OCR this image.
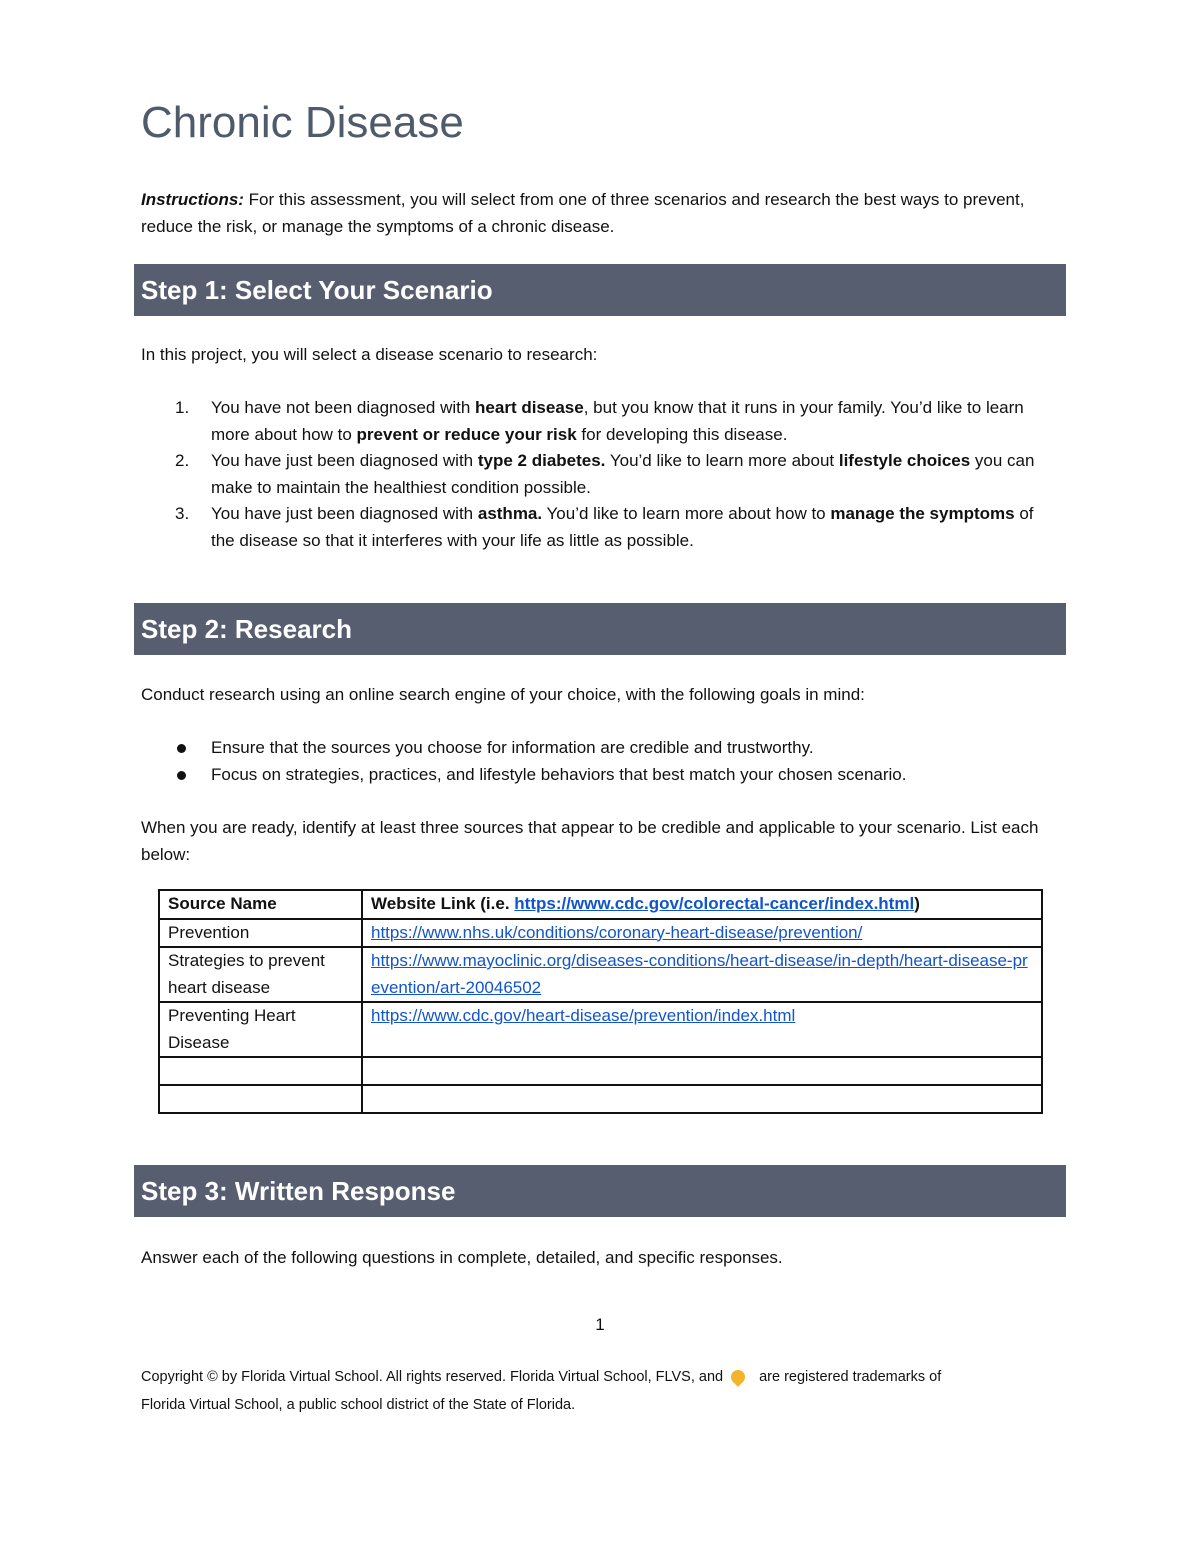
Chronic Disease
Instructions: For this assessment, you will select from one of three scenarios and research the best ways to prevent, reduce the risk, or manage the symptoms of a chronic disease.
Step 1: Select Your Scenario
In this project, you will select a disease scenario to research:
1. You have not been diagnosed with heart disease, but you know that it runs in your family. You’d like to learn more about how to prevent or reduce your risk for developing this disease.
2. You have just been diagnosed with type 2 diabetes. You’d like to learn more about lifestyle choices you can make to maintain the healthiest condition possible.
3. You have just been diagnosed with asthma. You’d like to learn more about how to manage the symptoms of the disease so that it interferes with your life as little as possible.
Step 2: Research
Conduct research using an online search engine of your choice, with the following goals in mind:
Ensure that the sources you choose for information are credible and trustworthy.
Focus on strategies, practices, and lifestyle behaviors that best match your chosen scenario.
When you are ready, identify at least three sources that appear to be credible and applicable to your scenario. List each below:
Source Name	Website Link (i.e. https://www.cdc.gov/colorectal-cancer/index.html)
Prevention	https://www.nhs.uk/conditions/coronary-heart-disease/prevention/
Strategies to prevent heart disease	https://www.mayoclinic.org/diseases-conditions/heart-disease/in-depth/heart-disease-prevention/art-20046502
Preventing Heart Disease	https://www.cdc.gov/heart-disease/prevention/index.html

Step 3: Written Response
Answer each of the following questions in complete, detailed, and specific responses.
1
Copyright © by Florida Virtual School. All rights reserved. Florida Virtual School, FLVS, and are registered trademarks of
Florida Virtual School, a public school district of the State of Florida.
